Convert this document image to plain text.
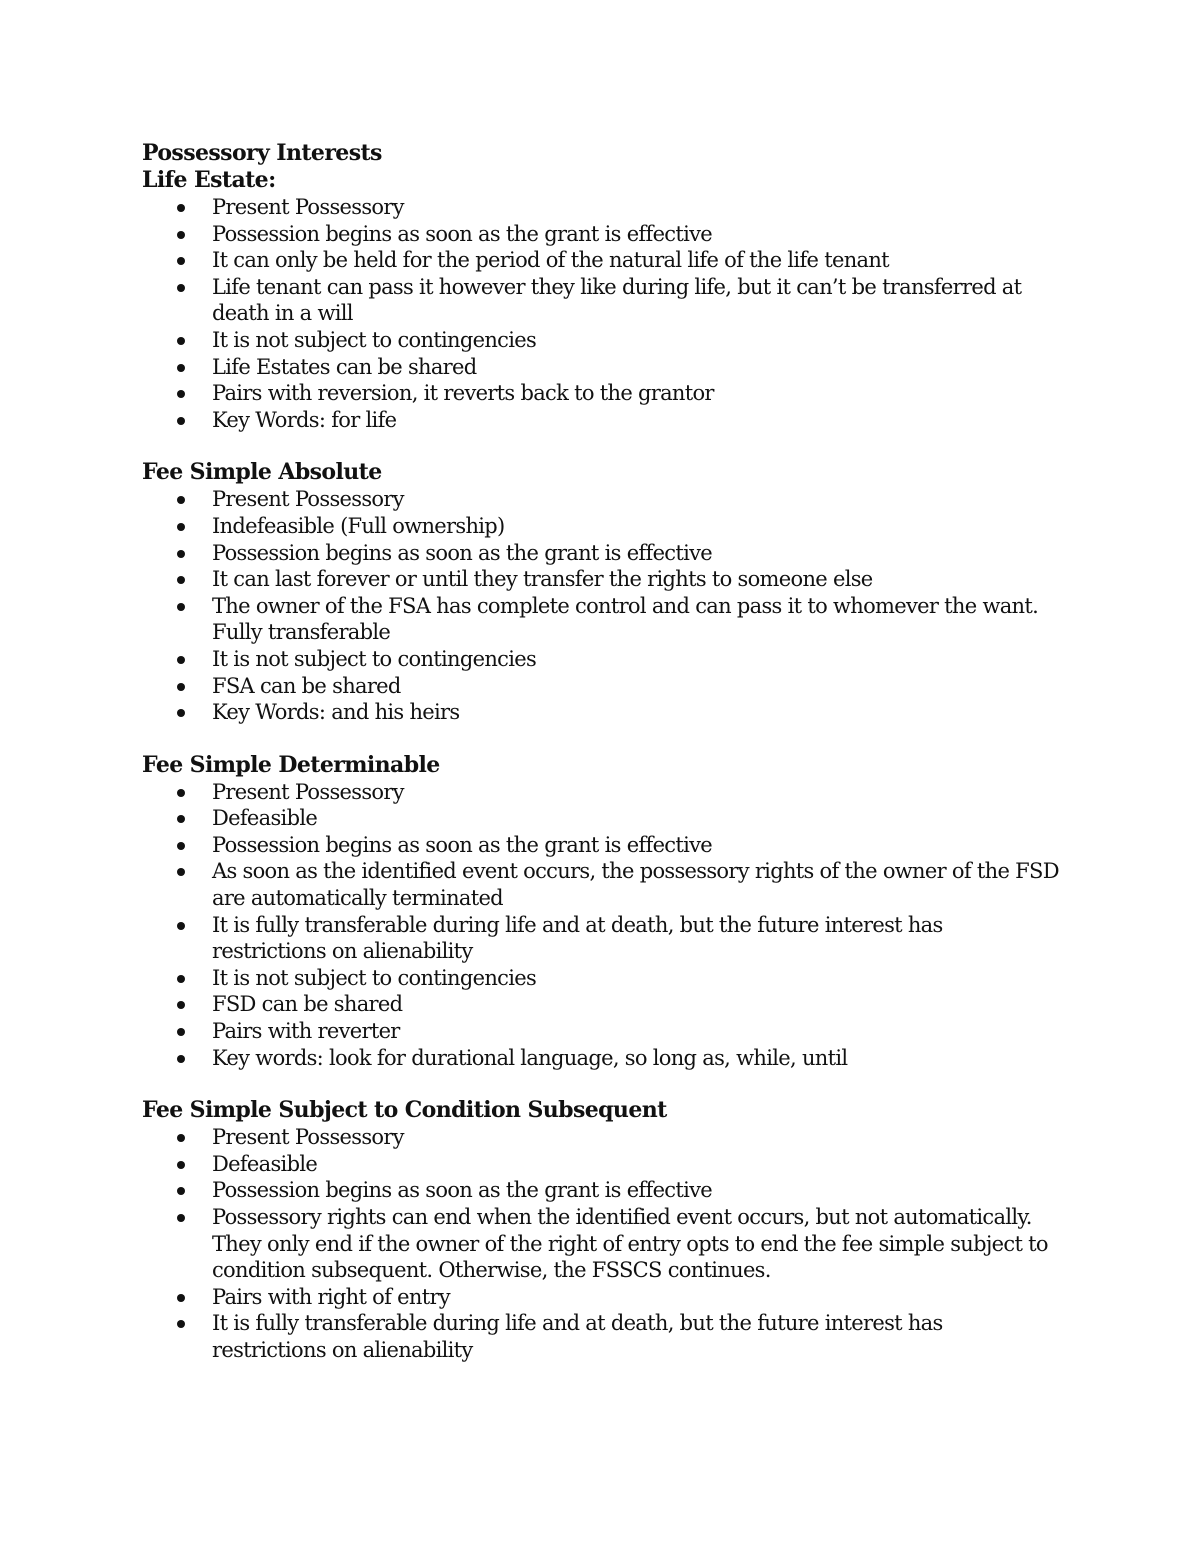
Possessory Interests
Life Estate:
Present Possessory
Possession begins as soon as the grant is effective
It can only be held for the period of the natural life of the life tenant
Life tenant can pass it however they like during life, but it can’t be transferred at death in a will
It is not subject to contingencies
Life Estates can be shared
Pairs with reversion, it reverts back to the grantor
Key Words: for life
Fee Simple Absolute
Present Possessory
Indefeasible (Full ownership)
Possession begins as soon as the grant is effective
It can last forever or until they transfer the rights to someone else
The owner of the FSA has complete control and can pass it to whomever the want. Fully transferable
It is not subject to contingencies
FSA can be shared
Key Words: and his heirs
Fee Simple Determinable
Present Possessory
Defeasible
Possession begins as soon as the grant is effective
As soon as the identified event occurs, the possessory rights of the owner of the FSD are automatically terminated
It is fully transferable during life and at death, but the future interest has restrictions on alienability
It is not subject to contingencies
FSD can be shared
Pairs with reverter
Key words: look for durational language, so long as, while, until
Fee Simple Subject to Condition Subsequent
Present Possessory
Defeasible
Possession begins as soon as the grant is effective
Possessory rights can end when the identified event occurs, but not automatically. They only end if the owner of the right of entry opts to end the fee simple subject to condition subsequent. Otherwise, the FSSCS continues.
Pairs with right of entry
It is fully transferable during life and at death, but the future interest has restrictions on alienability
